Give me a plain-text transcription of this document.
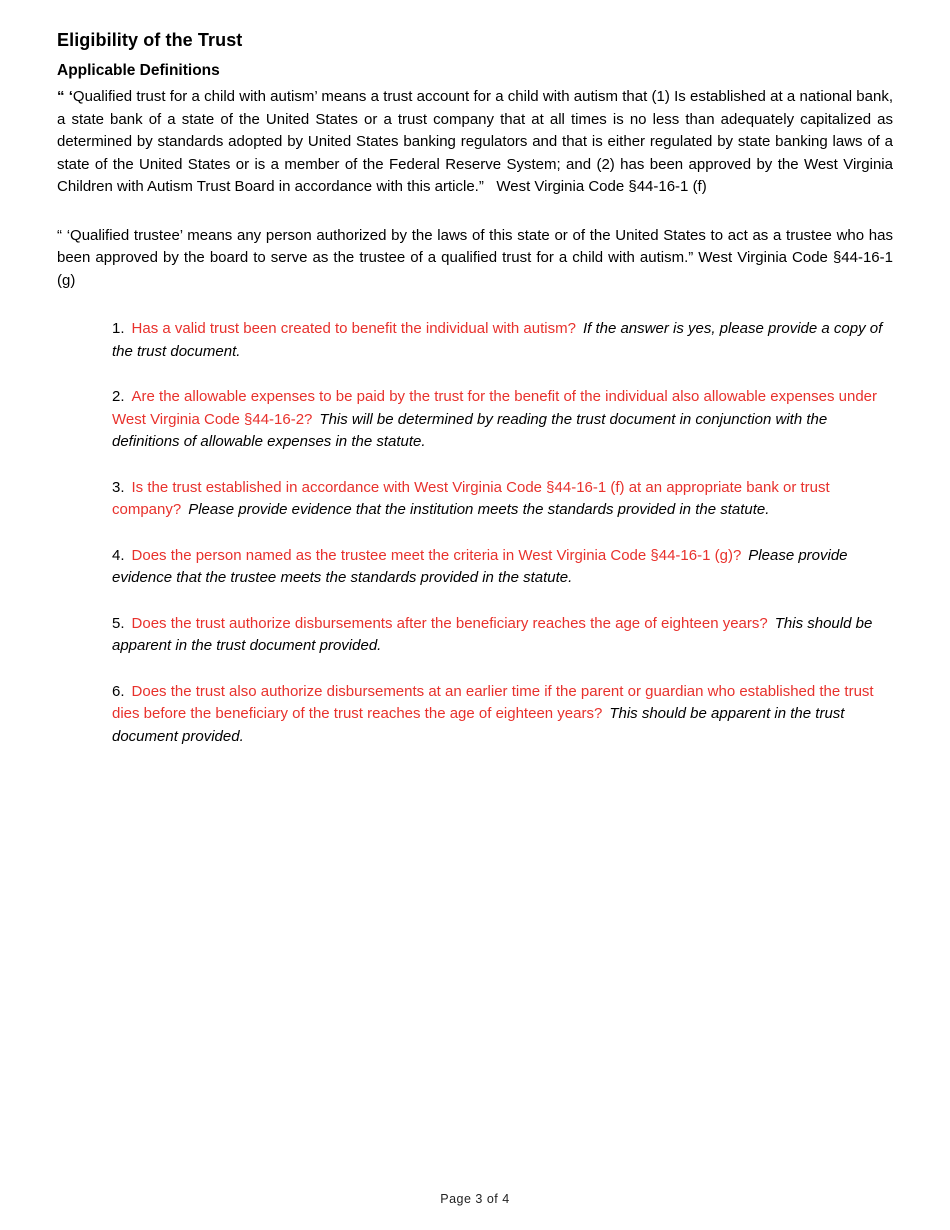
Eligibility of the Trust
Applicable Definitions

“ ‘Qualified trust for a child with autism’ means a trust account for a child with autism that (1) Is established at a national bank, a state bank of a state of the United States or a trust company that at all times is no less than adequately capitalized as determined by standards adopted by United States banking regulators and that is either regulated by state banking laws of a state of the United States or is a member of the Federal Reserve System; and (2) has been approved by the West Virginia Children with Autism Trust Board in accordance with this article.”   West Virginia Code §44-16-1 (f)

“ ‘Qualified trustee’ means any person authorized by the laws of this state or of the United States to act as a trustee who has been approved by the board to serve as the trustee of a qualified trust for a child with autism.” West Virginia Code §44-16-1 (g)

1. Has a valid trust been created to benefit the individual with autism? If the answer is yes, please provide a copy of the trust document.
2. Are the allowable expenses to be paid by the trust for the benefit of the individual also allowable expenses under West Virginia Code §44-16-2? This will be determined by reading the trust document in conjunction with the definitions of allowable expenses in the statute.
3. Is the trust established in accordance with West Virginia Code §44-16-1 (f) at an appropriate bank or trust company? Please provide evidence that the institution meets the standards provided in the statute.
4. Does the person named as the trustee meet the criteria in West Virginia Code §44-16-1 (g)? Please provide evidence that the trustee meets the standards provided in the statute.
5. Does the trust authorize disbursements after the beneficiary reaches the age of eighteen years? This should be apparent in the trust document provided.
6. Does the trust also authorize disbursements at an earlier time if the parent or guardian who established the trust dies before the beneficiary of the trust reaches the age of eighteen years? This should be apparent in the trust document provided.
Page 3 of 4
